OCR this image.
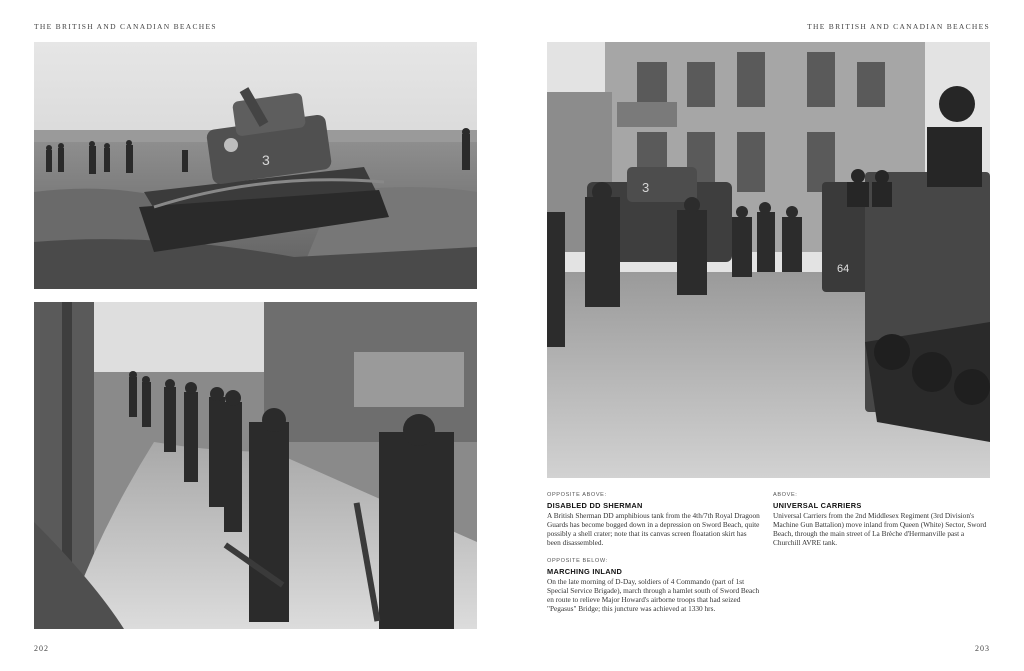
THE BRITISH AND CANADIAN BEACHES	THE BRITISH AND CANADIAN BEACHES
3
3
64
OPPOSITE ABOVE:
DISABLED DD SHERMAN

A British Sherman DD amphibious tank from the 4th/7th Royal Dragoon Guards has become bogged down in a depression on Sword Beach, quite possibly a shell crater; note that its canvas screen floatation skirt has been disassembled.

OPPOSITE BELOW:
MARCHING INLAND

On the late morning of D-Day, soldiers of 4 Commando (part of 1st Special Service Brigade), march through a hamlet south of Sword Beach en route to relieve Major Howard's airborne troops that had seized "Pegasus" Bridge; this juncture was achieved at 1330 hrs.

ABOVE:
UNIVERSAL CARRIERS

Universal Carriers from the 2nd Middlesex Regiment (3rd Division's Machine Gun Battalion) move inland from Queen (White) Sector, Sword Beach, through the main street of La Brèche d'Hermanville past a Churchill AVRE tank.

202	203
